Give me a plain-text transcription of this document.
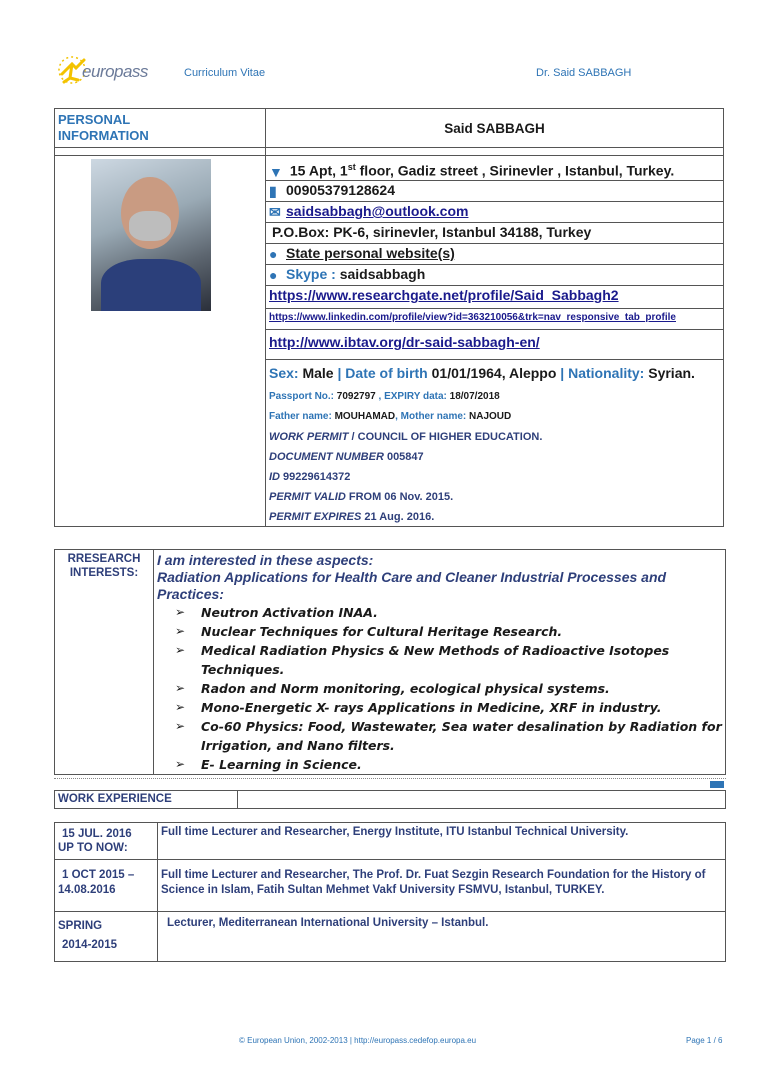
europass	Curriculum Vitae	Dr. Said SABBAGH
PERSONAL
INFORMATION	Said SABBAGH

	▼ 15 Apt, 1st floor, Gadiz street , Sirinevler , Istanbul, Turkey.
	▮ 00905379128624
	✉ saidsabbagh@outlook.com
	P.O.Box: PK-6, sirinevler, Istanbul 34188, Turkey
	● State personal website(s)
	● Skype : saidsabbagh
	https://www.researchgate.net/profile/Said_Sabbagh2
	https://www.linkedin.com/profile/view?id=363210056&trk=nav_responsive_tab_profile
	http://www.ibtav.org/dr-said-sabbagh-en/
	Sex: Male | Date of birth 01/01/1964, Aleppo | Nationality: Syrian.
	Passport No.: 7092797 , EXPIRY data: 18/07/2018
	Father name: MOUHAMAD, Mother name: NAJOUD
	WORK PERMIT / COUNCIL OF HIGHER EDUCATION.
	DOCUMENT NUMBER 005847
	ID 99229614372
	PERMIT VALID FROM 06 Nov. 2015.
	PERMIT EXPIRES 21 Aug. 2016.
RRESEARCH
INTERESTS:

I am interested in these aspects:
Radiation Applications for Health Care and Cleaner Industrial Processes and Practices:
➢ Neutron Activation INAA.
➢ Nuclear Techniques for Cultural Heritage Research.
➢ Medical Radiation Physics & New Methods of Radioactive Isotopes Techniques.
➢ Radon and Norm monitoring, ecological physical systems.
➢ Mono-Energetic X- rays Applications in Medicine, XRF in industry.
➢ Co-60 Physics: Food, Wastewater, Sea water desalination by Radiation for Irrigation, and Nano filters.
➢ E- Learning in Science.
WORK EXPERIENCE	
15 JUL. 2016
UP TO NOW:	Full time Lecturer and Researcher, Energy Institute, ITU Istanbul Technical University.

1 OCT 2015 –
14.08.2016	Full time Lecturer and Researcher, The Prof. Dr. Fuat Sezgin Research Foundation for the History of Science in Islam, Fatih Sultan Mehmet Vakf University FSMVU, Istanbul, TURKEY.

SPRING
2014-2015	Lecturer, Mediterranean International University – Istanbul.
© European Union, 2002-2013 | http://europass.cedefop.europa.eu	Page 1 / 6
